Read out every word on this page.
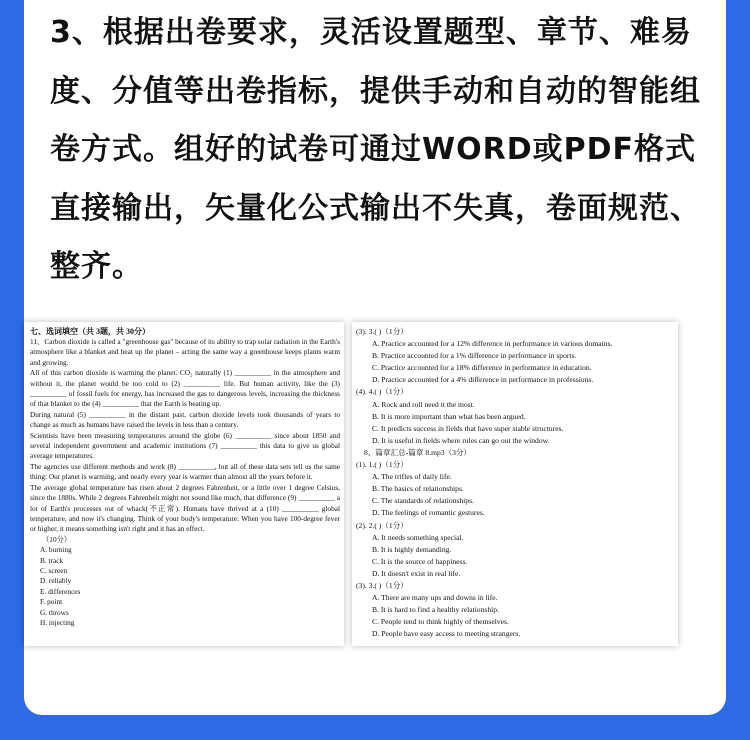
3、根据出卷要求，灵活设置题型、章节、难易度、分值等出卷指标，提供手动和自动的智能组卷方式。组好的试卷可通过WORD或PDF格式直接输出，矢量化公式输出不失真，卷面规范、整齐。

七、选词填空（共 3题，共 30分）

11、Carbon dioxide is called a "greenhouse gas" because of its ability to trap solar radiation in the Earth's atmosphere like a blanket and heat up the planet – acting the same way a greenhouse keeps plants warm and growing.

All of this carbon dioxide is warming the planet. CO₂ naturally (1) __________ in the atmosphere and without it, the planet would be too cold to (2) __________ life. But human activity, like the (3) __________ of fossil fuels for energy, has increased the gas to dangerous levels, increasing the thickness of that blanket to the (4) __________ that the Earth is heating up.

During natural (5) __________ in the distant past, carbon dioxide levels took thousands of years to change as much as humans have raised the levels in less than a century.

Scientists have been measuring temperatures around the globe (6) __________ since about 1850 and several independent government and academic institutions (7) __________ this data to give us global average temperatures.

The agencies use different methods and work (8) __________, but all of these data sets tell us the same thing: Our planet is warming, and nearly every year is warmer than almost all the years before it.

The average global temperature has risen about 2 degrees Fahrenheit, or a little over 1 degree Celsius, since the 1880s. While 2 degrees Fahrenheit might not sound like much, that difference (9) __________ a lot of Earth's processes out of whack(不正常). Humans have thrived at a (10) __________ global temperature, and now it's changing. Think of your body's temperature: When you have 100-degree fever or higher, it means something isn't right and it has an effect.

（10分）

A. burning

B. track

C. screen

D. reliably

E. differences

F. point

G. throws

H. injecting

(3). 3.( )（1分）

A. Practice accounted for a 12% difference in performance in various domains.

B. Practice accounted for a 1% difference in performance in sports.

C. Practice accounted for a 18% difference in performance in education.

D. Practice accounted for a 4% difference in performance in professions.

(4). 4.( )（1分）

A. Rock and roll need it the most.

B. It is more important than what has been argued.

C. It predicts success in fields that have super stable structures.

D. It is useful in fields where rules can go out the window.

8、篇章汇总-篇章 8.mp3（3分）

(1). 1.( )（1分）

A. The trifles of daily life.

B. The basics of relationships.

C. The standards of relationships.

D. The feelings of romantic gestures.

(2). 2.( )（1分）

A. It needs something special.

B. It is highly demanding.

C. It is the source of happiness.

D. It doesn't exist in real life.

(3). 3.( )（1分）

A. There are many ups and downs in life.

B. It is hard to find a healthy relationship.

C. People tend to think highly of themselves.

D. People have easy access to meeting strangers.
